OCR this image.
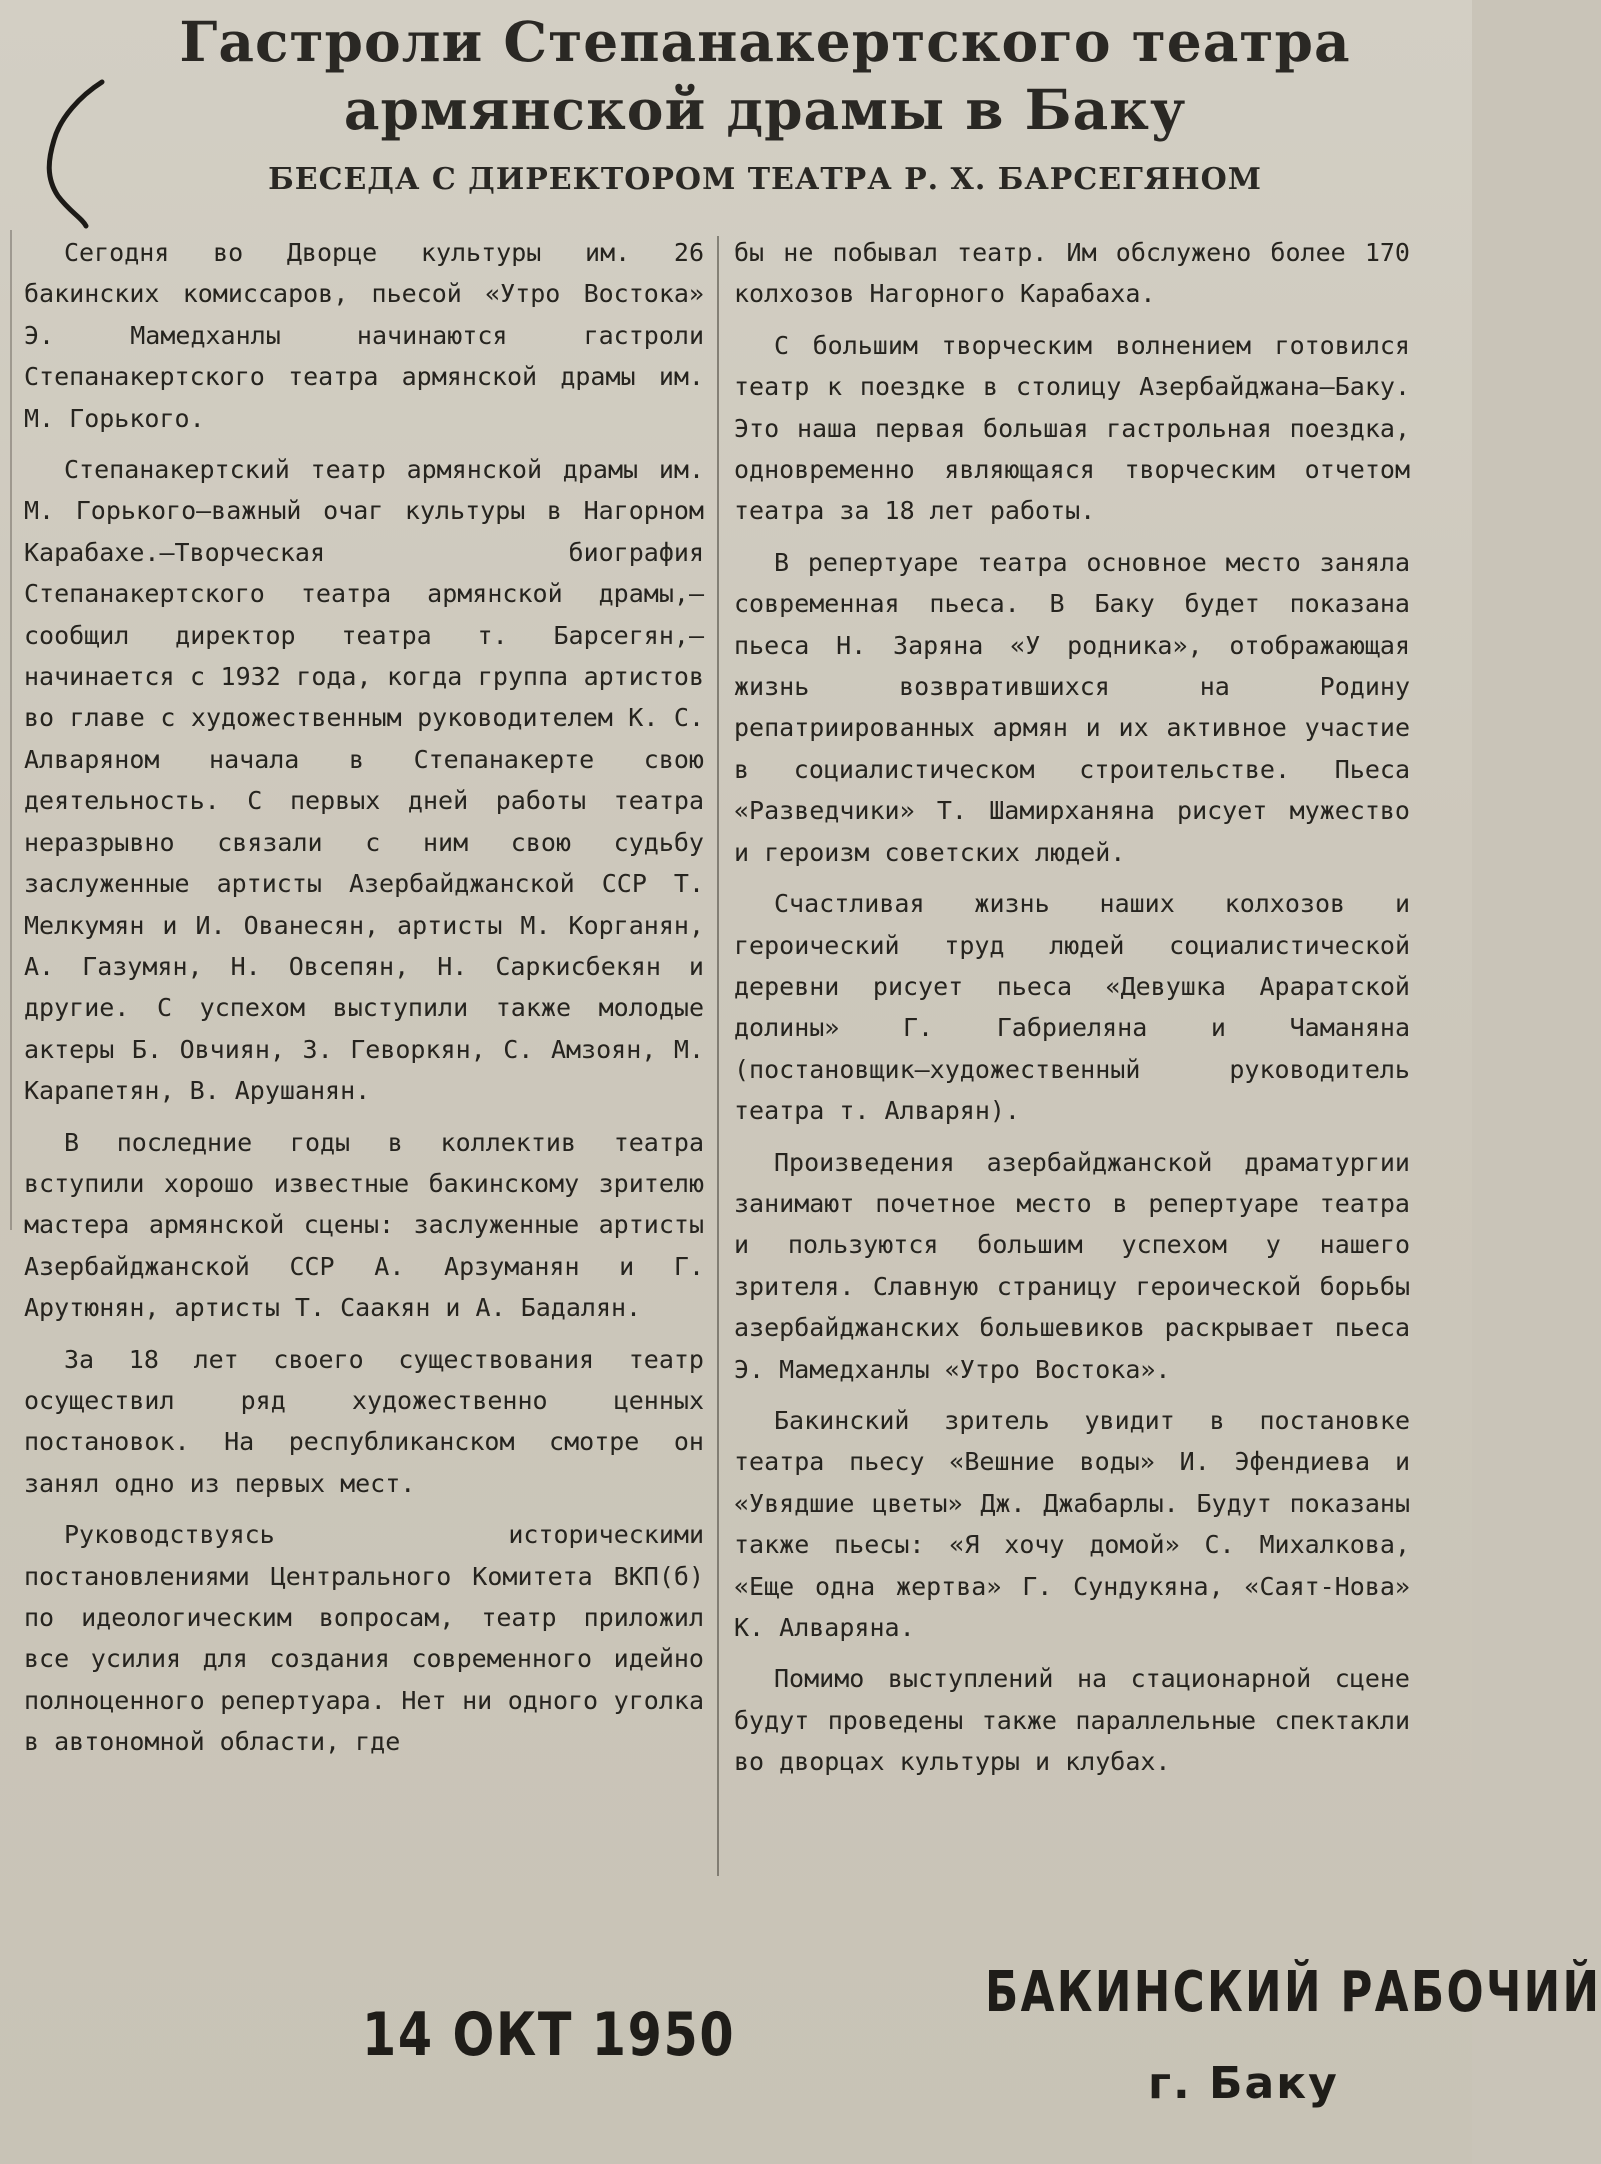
Гастроли Степанакертского театра
армянской драмы в Баку
БЕСЕДА С ДИРЕКТОРОМ ТЕАТРА Р. Х. БАРСЕГЯНОМ

Сегодня во Дворце культуры им. 26 бакинских комиссаров, пьесой «Утро Востока» Э. Мамедханлы начинаются гастроли Степанакертского театра армянской драмы им. М. Горького.

Степанакертский театр армянской драмы им. М. Горького—важный очаг культуры в Нагорном Карабахе.—Творческая биография Степанакертского театра армянской драмы,—сообщил директор театра т. Барсегян,—начинается с 1932 года, когда группа артистов во главе с художественным руководителем К. С. Алваряном начала в Степанакерте свою деятельность. С первых дней работы театра неразрывно связали с ним свою судьбу заслуженные артисты Азербайджанской ССР Т. Мелкумян и И. Ованесян, артисты М. Корганян, А. Газумян, Н. Овсепян, Н. Саркисбекян и другие. С успехом выступили также молодые актеры Б. Овчиян, З. Геворкян, С. Амзоян, М. Карапетян, В. Арушанян.

В последние годы в коллектив театра вступили хорошо известные бакинскому зрителю мастера армянской сцены: заслуженные артисты Азербайджанской ССР А. Арзуманян и Г. Арутюнян, артисты Т. Саакян и А. Бадалян.

За 18 лет своего существования театр осуществил ряд художественно ценных постановок. На республиканском смотре он занял одно из первых мест.

Руководствуясь историческими постановлениями Центрального Комитета ВКП(б) по идеологическим вопросам, театр приложил все усилия для создания современного идейно полноценного репертуара. Нет ни одного уголка в автономной области, где

бы не побывал театр. Им обслужено более 170 колхозов Нагорного Карабаха.

С большим творческим волнением готовился театр к поездке в столицу Азербайджана—Баку. Это наша первая большая гастрольная поездка, одновременно являющаяся творческим отчетом театра за 18 лет работы.

В репертуаре театра основное место заняла современная пьеса. В Баку будет показана пьеса Н. Заряна «У родника», отображающая жизнь возвратившихся на Родину репатриированных армян и их активное участие в социалистическом строительстве. Пьеса «Разведчики» Т. Шамирханяна рисует мужество и героизм советских людей.

Счастливая жизнь наших колхозов и героический труд людей социалистической деревни рисует пьеса «Девушка Араратской долины» Г. Габриеляна и Чаманяна (постановщик—художественный руководитель театра т. Алварян).

Произведения азербайджанской драматургии занимают почетное место в репертуаре театра и пользуются большим успехом у нашего зрителя. Славную страницу героической борьбы азербайджанских большевиков раскрывает пьеса Э. Мамедханлы «Утро Востока».

Бакинский зритель увидит в постановке театра пьесу «Вешние воды» И. Эфендиева и «Увядшие цветы» Дж. Джабарлы. Будут показаны также пьесы: «Я хочу домой» С. Михалкова, «Еще одна жертва» Г. Сундукяна, «Саят-Нова» К. Алваряна.

Помимо выступлений на стационарной сцене будут проведены также параллельные спектакли во дворцах культуры и клубах.

14 ОКТ 1950
БАКИНСКИЙ РАБОЧИЙ
г. Баку
